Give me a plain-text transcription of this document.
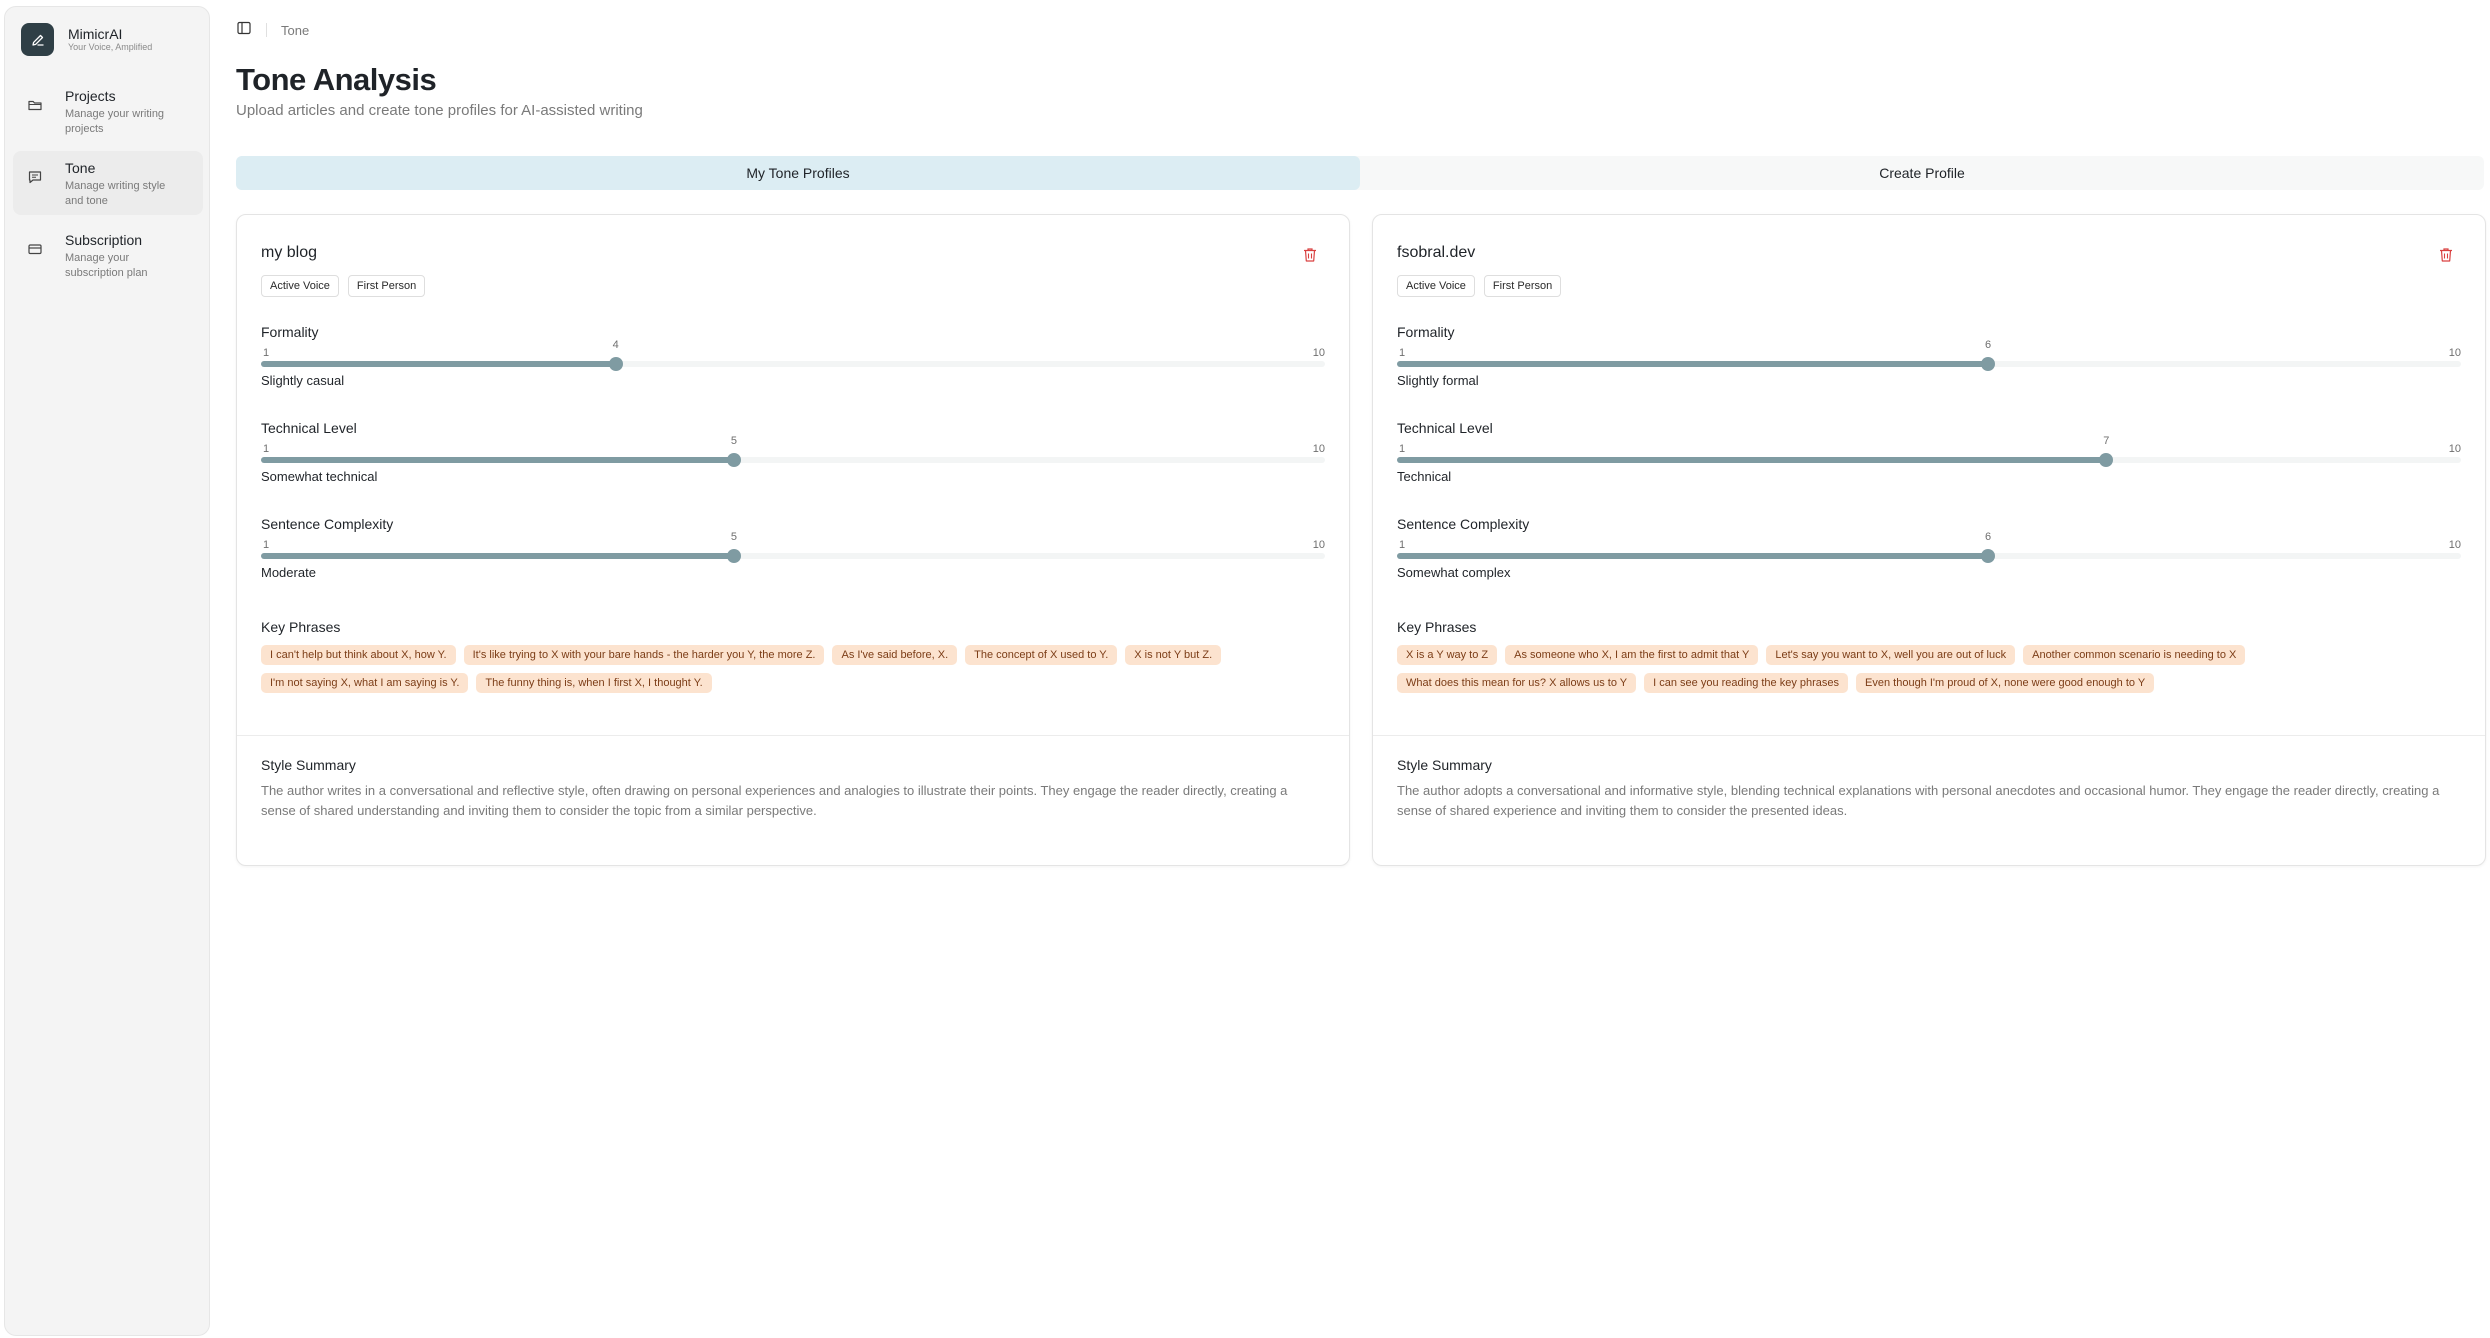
MimicrAI
Your Voice, Amplified
Projects
Manage your writing projects
Tone
Manage writing style and tone
Subscription
Manage your subscription plan
Tone
Tone Analysis
Upload articles and create tone profiles for AI-assisted writing
My Tone Profiles	Create Profile
my blog
Active Voice	First Person
Formality
1	10
4
Slightly casual
Technical Level
1	10
5
Somewhat technical
Sentence Complexity
1	10
5
Moderate
Key Phrases
I can't help but think about X, how Y.	It's like trying to X with your bare hands - the harder you Y, the more Z.	As I've said before, X.	The concept of X used to Y.	X is not Y but Z.
I'm not saying X, what I am saying is Y.	The funny thing is, when I first X, I thought Y.
Style Summary
The author writes in a conversational and reflective style, often drawing on personal experiences and analogies to illustrate their points. They engage the reader directly, creating a sense of shared understanding and inviting them to consider the topic from a similar perspective.
fsobral.dev
Active Voice	First Person
Formality
1	10
6
Slightly formal
Technical Level
1	10
7
Technical
Sentence Complexity
1	10
6
Somewhat complex
Key Phrases
X is a Y way to Z	As someone who X, I am the first to admit that Y	Let's say you want to X, well you are out of luck	Another common scenario is needing to X
What does this mean for us? X allows us to Y	I can see you reading the key phrases	Even though I'm proud of X, none were good enough to Y
Style Summary
The author adopts a conversational and informative style, blending technical explanations with personal anecdotes and occasional humor. They engage the reader directly, creating a sense of shared experience and inviting them to consider the presented ideas.
